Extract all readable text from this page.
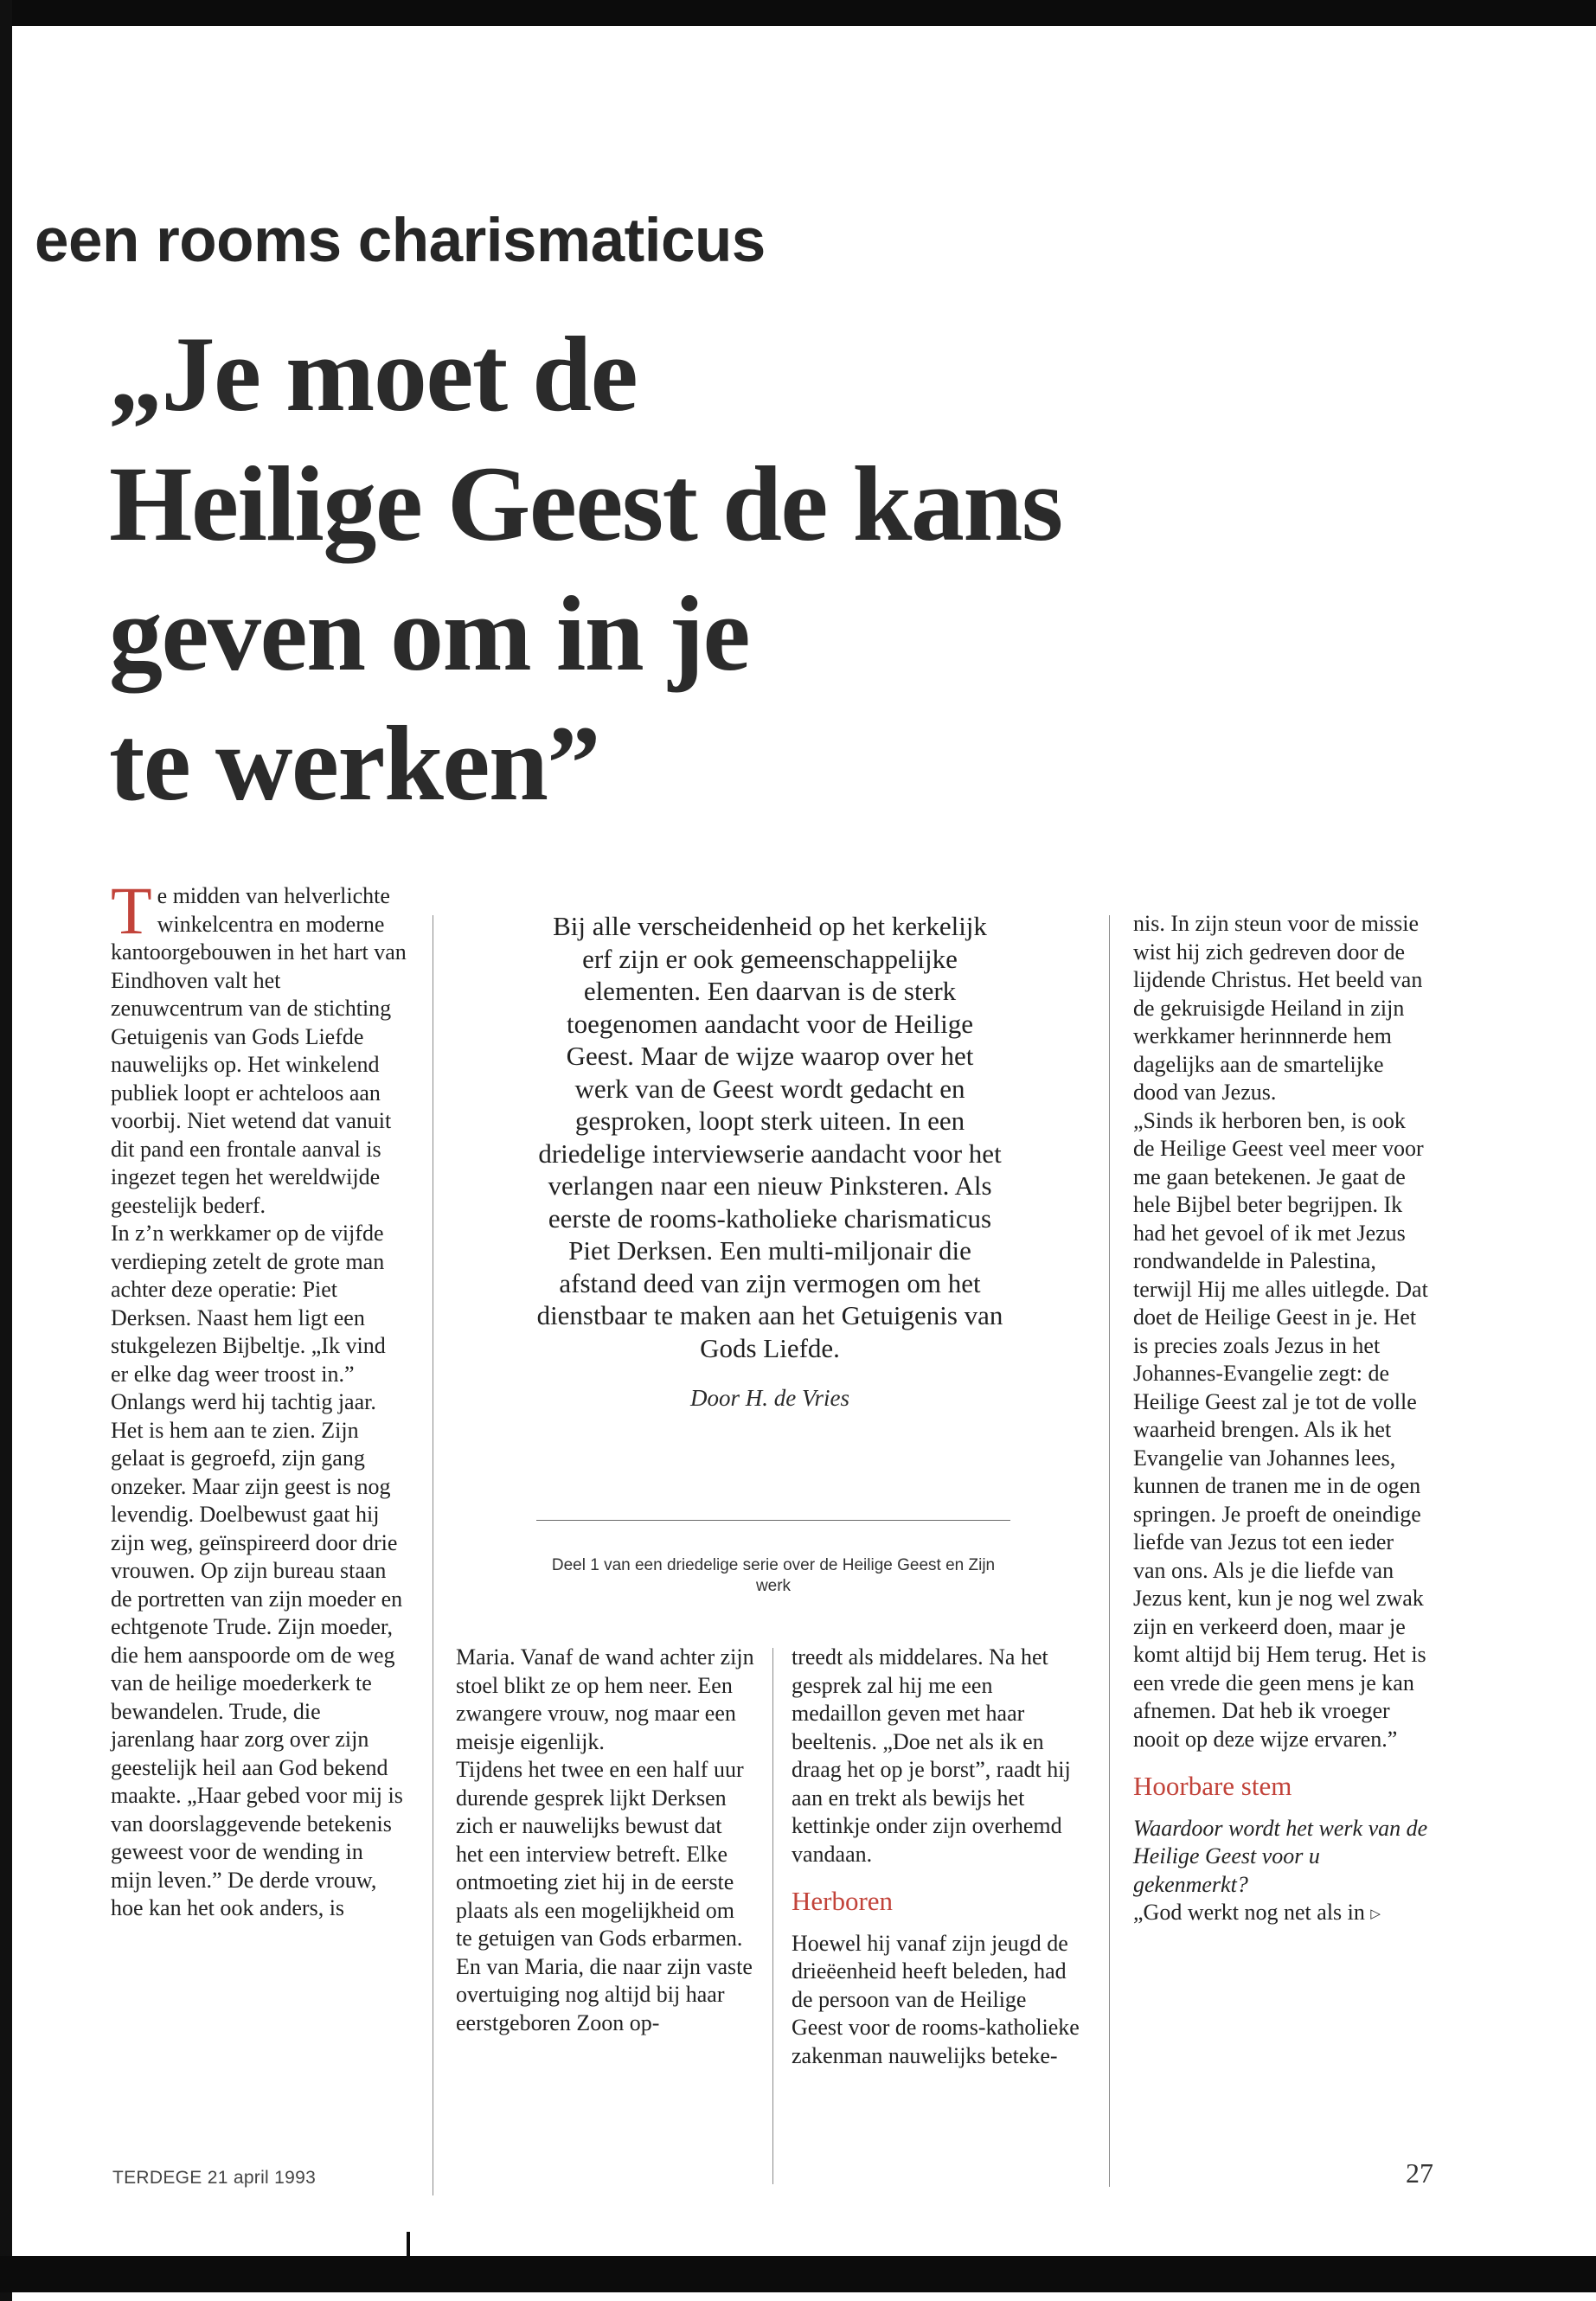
een rooms charismaticus
„Je moet de
Heilige Geest de kans
geven om in je
te werken”

Te midden van helverlichte winkelcentra en moderne kantoorgebouwen in het hart van Eindhoven valt het zenuwcentrum van de stichting Getuigenis van Gods Liefde nauwelijks op. Het winkelend publiek loopt er achteloos aan voorbij. Niet wetend dat vanuit dit pand een frontale aanval is ingezet tegen het wereldwijde geestelijk bederf.

In z’n werkkamer op de vijfde verdieping zetelt de grote man achter deze operatie: Piet Derksen. Naast hem ligt een stukgelezen Bijbeltje. „Ik vind er elke dag weer troost in.” Onlangs werd hij tachtig jaar. Het is hem aan te zien. Zijn gelaat is gegroefd, zijn gang onzeker. Maar zijn geest is nog levendig. Doelbewust gaat hij zijn weg, geïnspireerd door drie vrouwen. Op zijn bureau staan de portretten van zijn moeder en echtgenote Trude. Zijn moeder, die hem aanspoorde om de weg van de heilige moederkerk te bewandelen. Trude, die jarenlang haar zorg over zijn geestelijk heil aan God bekend maakte. „Haar gebed voor mij is van doorslaggevende betekenis geweest voor de wending in mijn leven.” De derde vrouw, hoe kan het ook anders, is

Bij alle verscheidenheid op het kerkelijk erf zijn er ook gemeenschappelijke elementen. Een daarvan is de sterk toegenomen aandacht voor de Heilige Geest. Maar de wijze waarop over het werk van de Geest wordt gedacht en gesproken, loopt sterk uiteen. In een driedelige interviewserie aandacht voor het verlangen naar een nieuw Pinksteren. Als eerste de rooms-katholieke charismaticus Piet Derksen. Een multi-miljonair die afstand deed van zijn vermogen om het dienstbaar te maken aan het Getuigenis van Gods Liefde.

Door H. de Vries

Deel 1 van een driedelige serie over de Heilige Geest en Zijn werk

Maria. Vanaf de wand achter zijn stoel blikt ze op hem neer. Een zwangere vrouw, nog maar een meisje eigenlijk.

Tijdens het twee en een half uur durende gesprek lijkt Derksen zich er nauwelijks bewust dat het een interview betreft. Elke ontmoeting ziet hij in de eerste plaats als een mogelijkheid om te getuigen van Gods erbarmen. En van Maria, die naar zijn vaste overtuiging nog altijd bij haar eerstgeboren Zoon op-

treedt als middelares. Na het gesprek zal hij me een medaillon geven met haar beeltenis. „Doe net als ik en draag het op je borst”, raadt hij aan en trekt als bewijs het kettinkje onder zijn overhemd vandaan.

Herboren

Hoewel hij vanaf zijn jeugd de drieëenheid heeft beleden, had de persoon van de Heilige Geest voor de rooms-katholieke zakenman nauwelijks beteke-

nis. In zijn steun voor de missie wist hij zich gedreven door de lijdende Christus. Het beeld van de gekruisigde Heiland in zijn werkkamer herinnnerde hem dagelijks aan de smartelijke dood van Jezus.

„Sinds ik herboren ben, is ook de Heilige Geest veel meer voor me gaan betekenen. Je gaat de hele Bijbel beter begrijpen. Ik had het gevoel of ik met Jezus rondwandelde in Palestina, terwijl Hij me alles uitlegde. Dat doet de Heilige Geest in je. Het is precies zoals Jezus in het Johannes-Evangelie zegt: de Heilige Geest zal je tot de volle waarheid brengen. Als ik het Evangelie van Johannes lees, kunnen de tranen me in de ogen springen. Je proeft de oneindige liefde van Jezus tot een ieder van ons. Als je die liefde van Jezus kent, kun je nog wel zwak zijn en verkeerd doen, maar je komt altijd bij Hem terug. Het is een vrede die geen mens je kan afnemen. Dat heb ik vroeger nooit op deze wijze ervaren.”

Hoorbare stem

Waardoor wordt het werk van de Heilige Geest voor u gekenmerkt?

„God werkt nog net als in ▷

TERDEGE 21 april 1993	27
